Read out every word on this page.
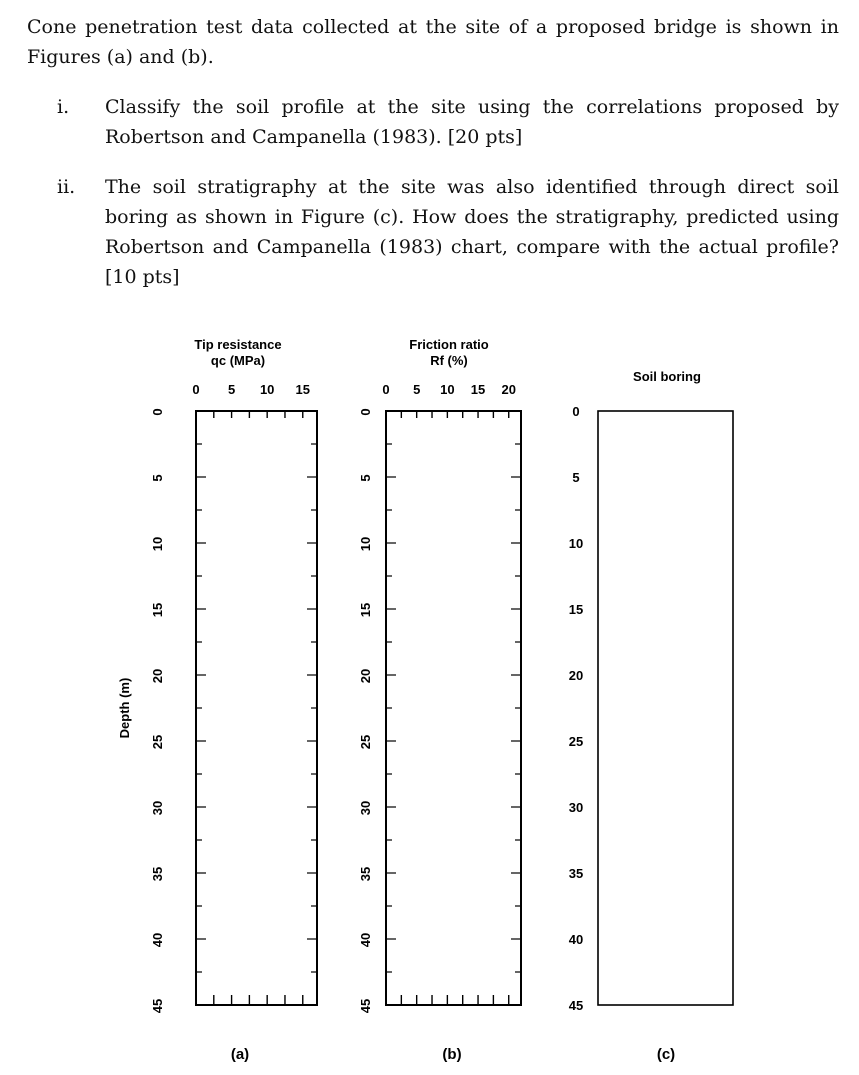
Cone penetration test data collected at the site of a proposed bridge is shown in Figures (a) and (b).
i.	Classify the soil profile at the site using the correlations proposed by Robertson and Campanella (1983). [20 pts]
ii.	The soil stratigraphy at the site was also identified through direct soil boring as shown in Figure (c). How does the stratigraphy, predicted using Robertson and Campanella (1983) chart, compare with the actual profile? [10 pts]
Depth (m)
Tip resistance
qc (MPa)
0 5 10 15
0
5
10
15
20
25
30
35
40
45
(a)
Friction ratio
Rf (%)
0 5 10 15 20
0
5
10
15
20
25
30
35
40
45
(b)
Soil boring
0
5
10
15
20
25
30
35
40
45
(c)
